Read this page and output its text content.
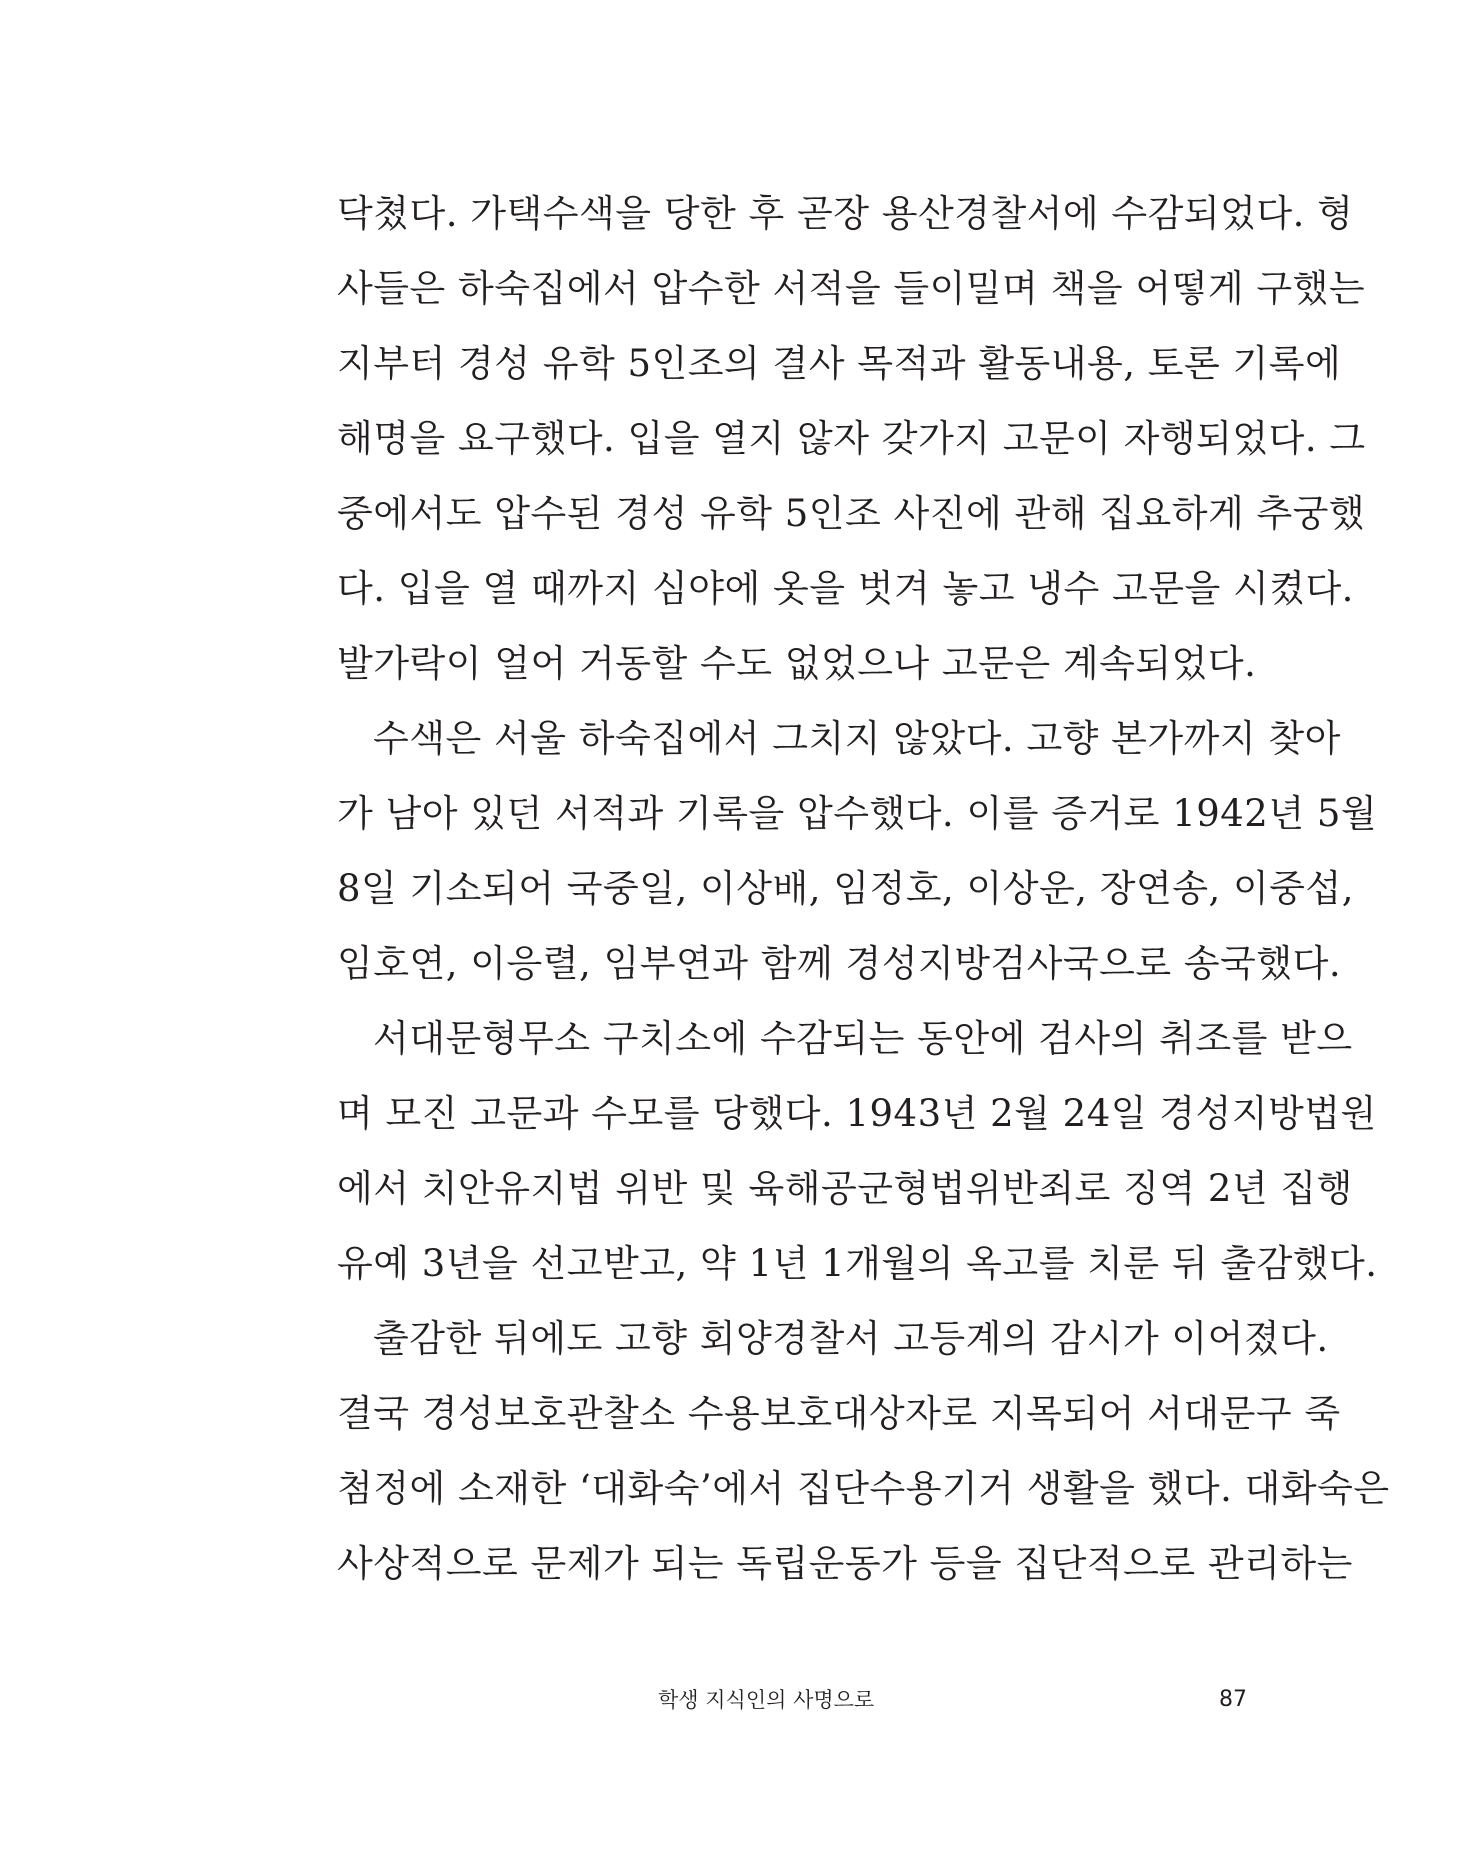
닥쳤다. 가택수색을 당한 후 곧장 용산경찰서에 수감되었다. 형
사들은 하숙집에서 압수한 서적을 들이밀며 책을 어떻게 구했는
지부터 경성 유학 5인조의 결사 목적과 활동내용, 토론 기록에
해명을 요구했다. 입을 열지 않자 갖가지 고문이 자행되었다. 그
중에서도 압수된 경성 유학 5인조 사진에 관해 집요하게 추궁했
다. 입을 열 때까지 심야에 옷을 벗겨 놓고 냉수 고문을 시켰다.
발가락이 얼어 거동할 수도 없었으나 고문은 계속되었다.
수색은 서울 하숙집에서 그치지 않았다. 고향 본가까지 찾아
가 남아 있던 서적과 기록을 압수했다. 이를 증거로 1942년 5월
8일 기소되어 국중일, 이상배, 임정호, 이상운, 장연송, 이중섭,
임호연, 이응렬, 임부연과 함께 경성지방검사국으로 송국했다.
서대문형무소 구치소에 수감되는 동안에 검사의 취조를 받으
며 모진 고문과 수모를 당했다. 1943년 2월 24일 경성지방법원
에서 치안유지법 위반 및 육해공군형법위반죄로 징역 2년 집행
유예 3년을 선고받고, 약 1년 1개월의 옥고를 치룬 뒤 출감했다.
출감한 뒤에도 고향 회양경찰서 고등계의 감시가 이어졌다.
결국 경성보호관찰소 수용보호대상자로 지목되어 서대문구 죽
첨정에 소재한 ‘대화숙’에서 집단수용기거 생활을 했다. 대화숙은
사상적으로 문제가 되는 독립운동가 등을 집단적으로 관리하는
학생 지식인의 사명으로	87
